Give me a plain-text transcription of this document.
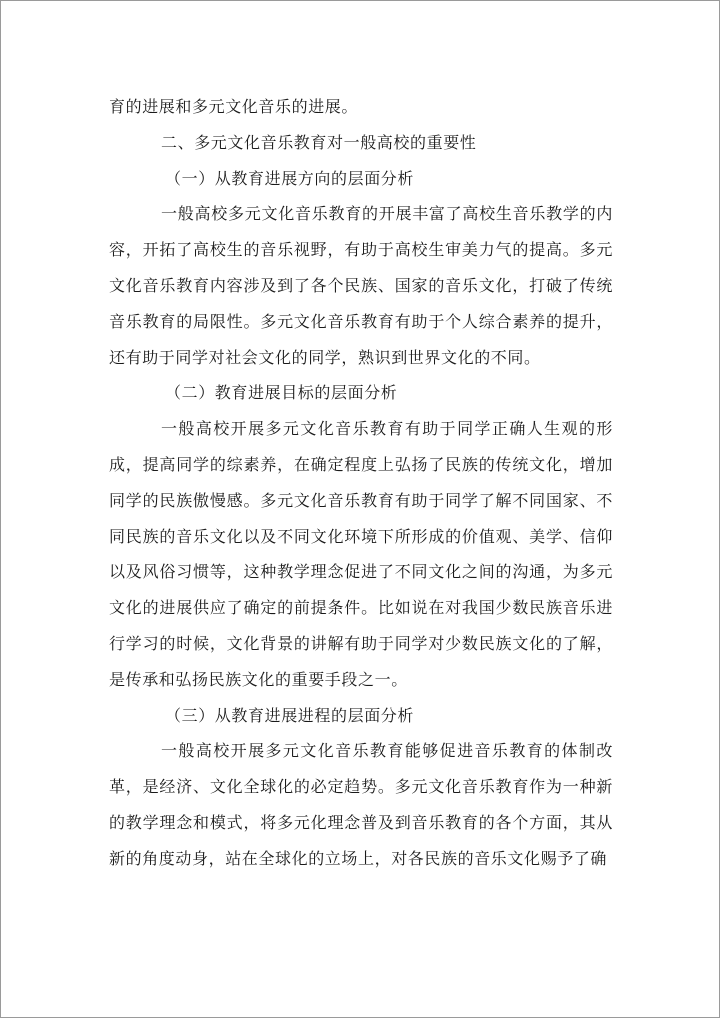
育的进展和多元文化音乐的进展。

二、多元文化音乐教育对一般高校的重要性

（一）从教育进展方向的层面分析

一般高校多元文化音乐教育的开展丰富了高校生音乐教学的内容，开拓了高校生的音乐视野，有助于高校生审美力气的提高。多元文化音乐教育内容涉及到了各个民族、国家的音乐文化，打破了传统音乐教育的局限性。多元文化音乐教育有助于个人综合素养的提升，还有助于同学对社会文化的同学，熟识到世界文化的不同。

（二）教育进展目标的层面分析

一般高校开展多元文化音乐教育有助于同学正确人生观的形成，提高同学的综素养，在确定程度上弘扬了民族的传统文化，增加同学的民族傲慢感。多元文化音乐教育有助于同学了解不同国家、不同民族的音乐文化以及不同文化环境下所形成的价值观、美学、信仰以及风俗习惯等，这种教学理念促进了不同文化之间的沟通，为多元文化的进展供应了确定的前提条件。比如说在对我国少数民族音乐进行学习的时候，文化背景的讲解有助于同学对少数民族文化的了解，是传承和弘扬民族文化的重要手段之一。

（三）从教育进展进程的层面分析

一般高校开展多元文化音乐教育能够促进音乐教育的体制改革，是经济、文化全球化的必定趋势。多元文化音乐教育作为一种新的教学理念和模式，将多元化理念普及到音乐教育的各个方面，其从新的角度动身，站在全球化的立场上，对各民族的音乐文化赐予了确
